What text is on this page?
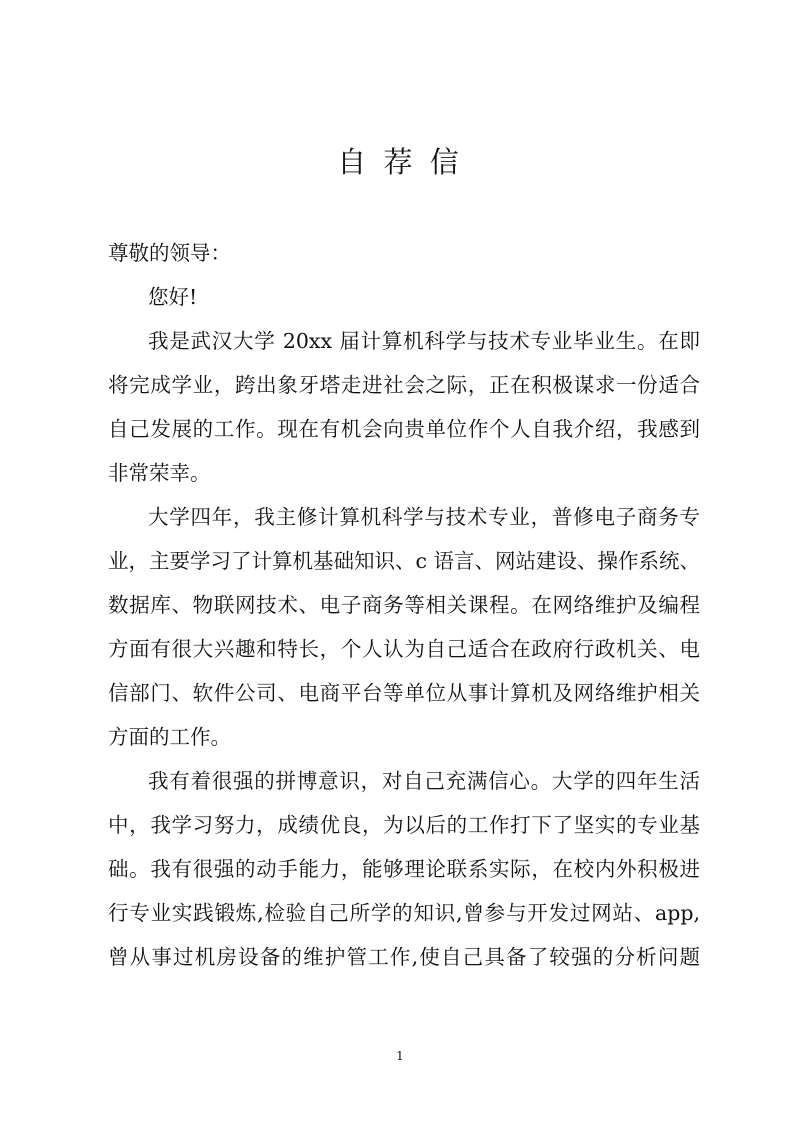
自 荐 信
尊敬的领导：
您好!
我是武汉大学 20xx 届计算机科学与技术专业毕业生。在即
将完成学业，跨出象牙塔走进社会之际，正在积极谋求一份适合
自己发展的工作。现在有机会向贵单位作个人自我介绍，我感到
非常荣幸。
大学四年，我主修计算机科学与技术专业，普修电子商务专
业，主要学习了计算机基础知识、c 语言、网站建设、操作系统、
数据库、物联网技术、电子商务等相关课程。在网络维护及编程
方面有很大兴趣和特长，个人认为自己适合在政府行政机关、电
信部门、软件公司、电商平台等单位从事计算机及网络维护相关
方面的工作。
我有着很强的拼博意识，对自己充满信心。大学的四年生活
中，我学习努力，成绩优良，为以后的工作打下了坚实的专业基
础。我有很强的动手能力，能够理论联系实际，在校内外积极进
行专业实践锻炼,检验自己所学的知识,曾参与开发过网站、app,
曾从事过机房设备的维护管工作,使自己具备了较强的分析问题
1
